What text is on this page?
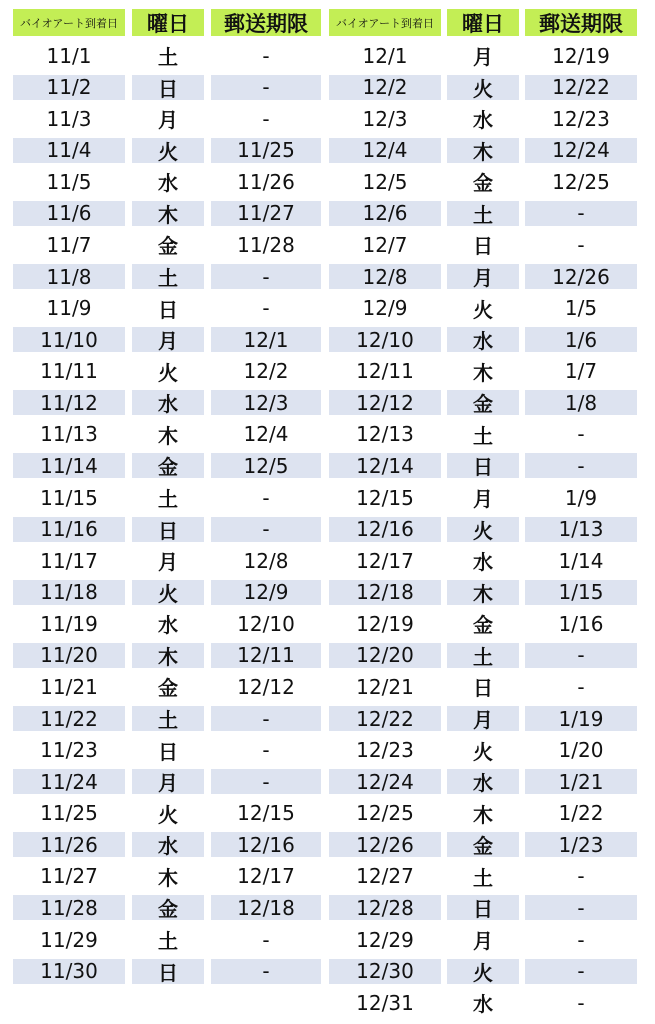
バイオアート到着日	曜日	郵送期限
11/1	土	-
11/2	日	-
11/3	月	-
11/4	火	11/25
11/5	水	11/26
11/6	木	11/27
11/7	金	11/28
11/8	土	-
11/9	日	-
11/10	月	12/1
11/11	火	12/2
11/12	水	12/3
11/13	木	12/4
11/14	金	12/5
11/15	土	-
11/16	日	-
11/17	月	12/8
11/18	火	12/9
11/19	水	12/10
11/20	木	12/11
11/21	金	12/12
11/22	土	-
11/23	日	-
11/24	月	-
11/25	火	12/15
11/26	水	12/16
11/27	木	12/17
11/28	金	12/18
11/29	土	-
11/30	日	-
バイオアート到着日	曜日	郵送期限
12/1	月	12/19
12/2	火	12/22
12/3	水	12/23
12/4	木	12/24
12/5	金	12/25
12/6	土	-
12/7	日	-
12/8	月	12/26
12/9	火	1/5
12/10	水	1/6
12/11	木	1/7
12/12	金	1/8
12/13	土	-
12/14	日	-
12/15	月	1/9
12/16	火	1/13
12/17	水	1/14
12/18	木	1/15
12/19	金	1/16
12/20	土	-
12/21	日	-
12/22	月	1/19
12/23	火	1/20
12/24	水	1/21
12/25	木	1/22
12/26	金	1/23
12/27	土	-
12/28	日	-
12/29	月	-
12/30	火	-
12/31	水	-
